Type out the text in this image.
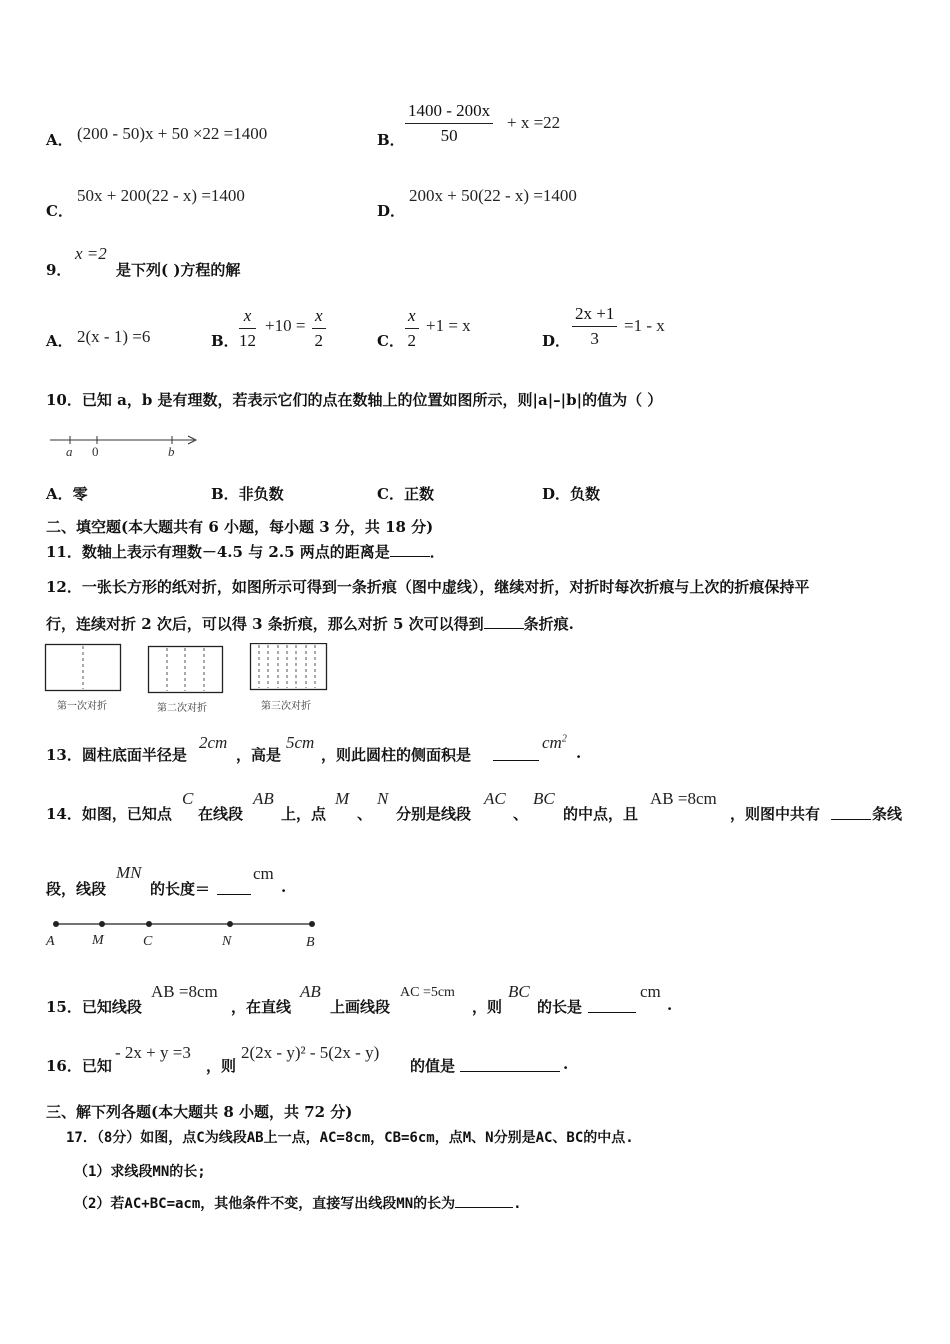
A． (200 - 50)x + 50 ×22 =1400	B． $\frac{1400 - 200x}{50} + x =22$
C．
50x + 200(22 - x) =1400
D．
200x + 50(22 - x) =1400
9．
x =2
是下列( )方程的解
A． 2(x - 1) =6	B． $\frac{x}{12} +10 = \frac{x}{2}$	C． $\frac{x}{2} +1 = x$
D． $\frac{2x +1}{3} =1 - x$
10．已知 a，b 是有理数，若表示它们的点在数轴上的位置如图所示，则|a|–|b|的值为（ ）
a 0	b
A．零	B．非负数	C．正数	D．负数
二、填空题(本大题共有 6 小题，每小题 3 分，共 18 分)
11．数轴上表示有理数－4.5 与 2.5 两点的距离是	．
12．一张长方形的纸对折，如图所示可得到一条折痕（图中虚线），继续对折，对折时每次折痕与上次的折痕保持平
行，连续对折 2 次后，可以得 3 条折痕，那么对折 5 次可以得到	条折痕.
第一次对折	第二次对折	第三次对折
13．圆柱底面半径是
2cm
，高是
5cm
，则此圆柱的侧面积是
$cm^2$
.
14．如图，已知点
C
在线段
AB
上，点
M
、
N
分别是线段
AC
、
BC
的中点，且
AB =8cm
，则图中共有	条线
段，线段
MN
的长度＝
cm
.
A	M	C	N	B
15．已知线段
AB =8cm
，在直线
AB
上画线段
AC =5cm
，则
BC
的长是
cm
.
16．已知
- 2x + y =3
，则
2(2x - y)² - 5(2x - y)
的值是	.
三、解下列各题(本大题共 8 小题，共 72 分)
17．（8分）如图，点C为线段AB上一点，AC=8cm，CB=6cm，点M、N分别是AC、BC的中点.
（1）求线段MN的长;
（2）若AC+BC=acm，其他条件不变，直接写出线段MN的长为	.
